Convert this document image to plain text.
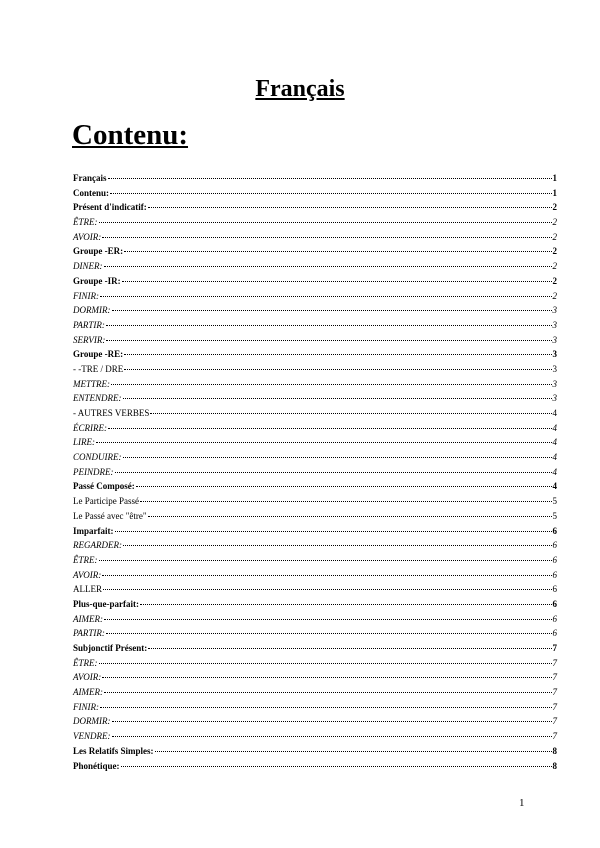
Français
Contenu:
Français	1
Contenu:	1
Présent d'indicatif:	2
ÊTRE:	2
AVOIR:	2
Groupe -ER:	2
DINER:	2
Groupe -IR:	2
FINIR:	2
DORMIR:	3
PARTIR:	3
SERVIR:	3
Groupe -RE:	3
- -TRE / DRE	3
METTRE:	3
ENTENDRE:	3
- AUTRES VERBES	4
ÉCRIRE:	4
LIRE:	4
CONDUIRE:	4
PEINDRE:	4
Passé Composé:	4
Le Participe Passé	5
Le Passé avec "être"	5
Imparfait:	6
REGARDER:	6
ÊTRE:	6
AVOIR:	6
ALLER	6
Plus-que-parfait:	6
AIMER:	6
PARTIR:	6
Subjonctif Présent:	7
ÊTRE:	7
AVOIR:	7
AIMER:	7
FINIR:	7
DORMIR:	7
VENDRE:	7
Les Relatifs Simples:	8
Phonétique:	8
1
